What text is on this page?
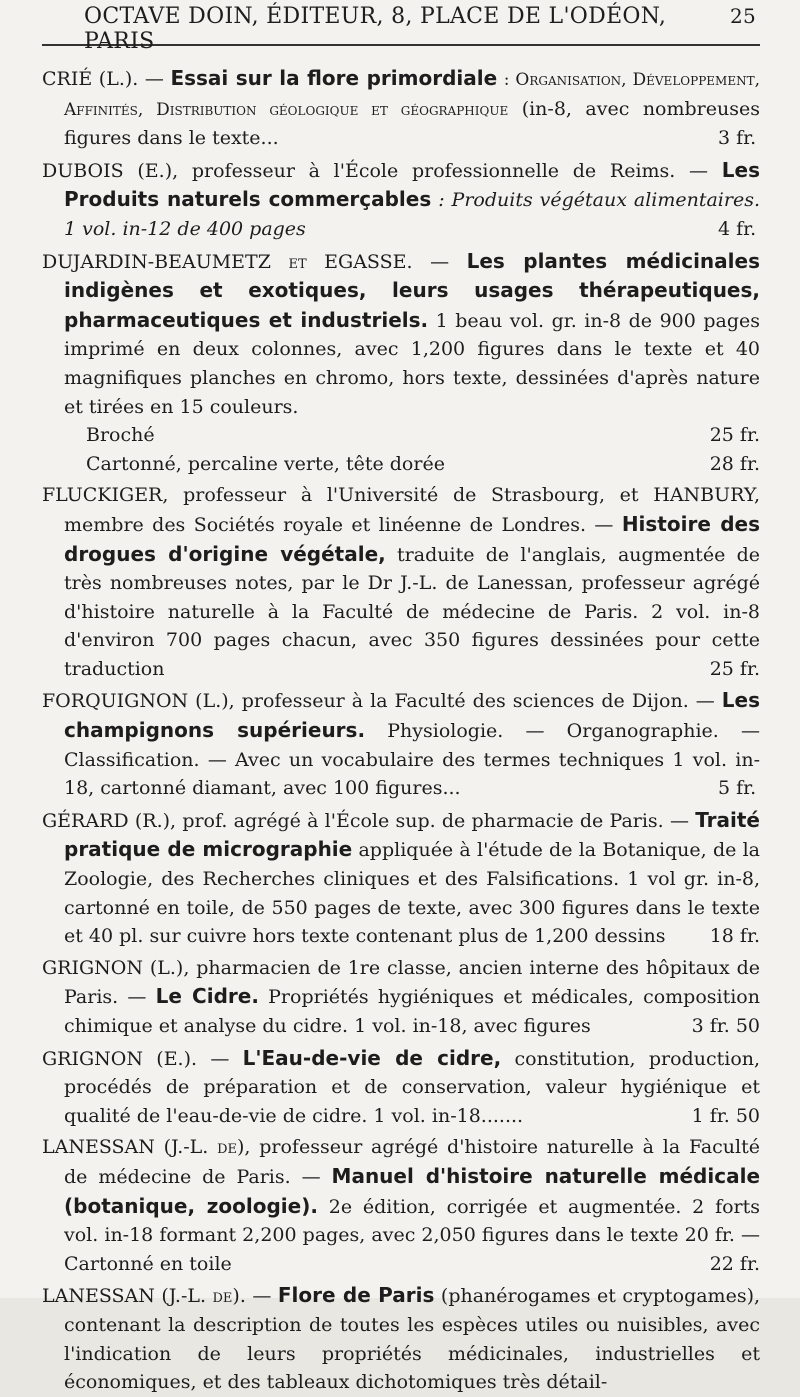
OCTAVE DOIN, ÉDITEUR, 8, PLACE DE L'ODÉON, PARIS
25
CRIÉ (L.). — Essai sur la flore primordiale : Organisation, Développement, Affinités, Distribution géologique et géographique (in-8, avec nombreuses figures dans le texte...	3 fr.
DUBOIS (E.), professeur à l'École professionnelle de Reims. — Les Produits naturels commerçables : Produits végétaux alimentaires. 1 vol. in-12 de 400 pages	4 fr.
DUJARDIN-BEAUMETZ et EGASSE. — Les plantes médicinales indigènes et exotiques, leurs usages thérapeutiques, pharmaceutiques et industriels. 1 beau vol. gr. in-8 de 900 pages imprimé en deux colonnes, avec 1,200 figures dans le texte et 40 magnifiques planches en chromo, hors texte, dessinées d'après nature et tirées en 15 couleurs.
Broché	25 fr.
Cartonné, percaline verte, tête dorée	28 fr.
FLUCKIGER, professeur à l'Université de Strasbourg, et HANBURY, membre des Sociétés royale et linéenne de Londres. — Histoire des drogues d'origine végétale, traduite de l'anglais, augmentée de très nombreuses notes, par le Dr J.-L. de Lanessan, professeur agrégé d'histoire naturelle à la Faculté de médecine de Paris. 2 vol. in-8 d'environ 700 pages chacun, avec 350 figures dessinées pour cette traduction	25 fr.
FORQUIGNON (L.), professeur à la Faculté des sciences de Dijon. — Les champignons supérieurs. Physiologie. — Organographie. — Classification. — Avec un vocabulaire des termes techniques 1 vol. in-18, cartonné diamant, avec 100 figures...	5 fr.
GÉRARD (R.), prof. agrégé à l'École sup. de pharmacie de Paris. — Traité pratique de micrographie appliquée à l'étude de la Botanique, de la Zoologie, des Recherches cliniques et des Falsifications. 1 vol gr. in-8, cartonné en toile, de 550 pages de texte, avec 300 figures dans le texte et 40 pl. sur cuivre hors texte contenant plus de 1,200 dessins 18 fr.
GRIGNON (L.), pharmacien de 1re classe, ancien interne des hôpitaux de Paris. — Le Cidre. Propriétés hygiéniques et médicales, composition chimique et analyse du cidre. 1 vol. in-18, avec figures	3 fr. 50
GRIGNON (E.). — L'Eau-de-vie de cidre, constitution, production, procédés de préparation et de conservation, valeur hygiénique et qualité de l'eau-de-vie de cidre. 1 vol. in-18.......	1 fr. 50
LANESSAN (J.-L. de), professeur agrégé d'histoire naturelle à la Faculté de médecine de Paris. — Manuel d'histoire naturelle médicale (botanique, zoologie). 2e édition, corrigée et augmentée. 2 forts vol. in-18 formant 2,200 pages, avec 2,050 figures dans le texte 20 fr. — Cartonné en toile	22 fr.
LANESSAN (J.-L. de). — Flore de Paris (phanérogames et cryptogames), contenant la description de toutes les espèces utiles ou nuisibles, avec l'indication de leurs propriétés médicinales, industrielles et économiques, et des tableaux dichotomiques très détail-
